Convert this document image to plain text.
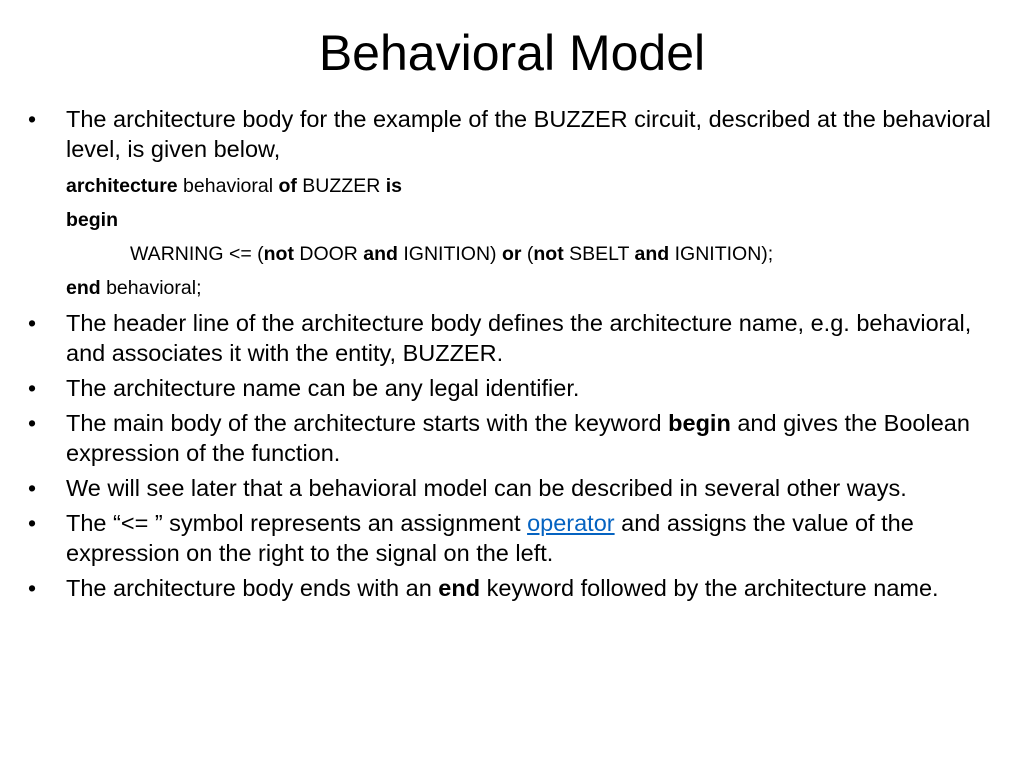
Behavioral Model
• The architecture body for the example of the BUZZER circuit, described at the behavioral level, is given below,
architecture behavioral of BUZZER is
begin
WARNING <= (not DOOR and IGNITION) or (not SBELT and IGNITION);
end behavioral;
• The header line of the architecture body defines the architecture name, e.g. behavioral, and associates it with the entity, BUZZER.
• The architecture name can be any legal identifier.
• The main body of the architecture starts with the keyword begin and gives the Boolean expression of the function.
• We will see later that a behavioral model can be described in several other ways.
• The “<= ” symbol represents an assignment operator and assigns the value of the expression on the right to the signal on the left.
• The architecture body ends with an end keyword followed by the architecture name.
